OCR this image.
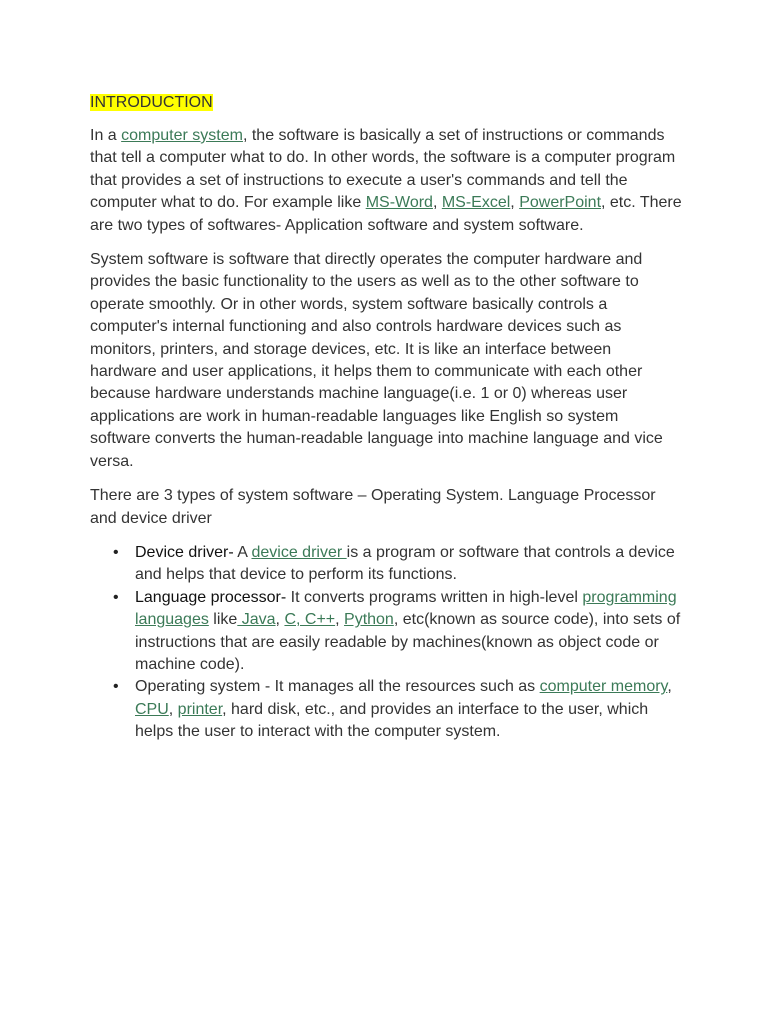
INTRODUCTION

In a computer system, the software is basically a set of instructions or commands that tell a computer what to do. In other words, the software is a computer program that provides a set of instructions to execute a user's commands and tell the computer what to do. For example like MS-Word, MS-Excel, PowerPoint, etc. There are two types of softwares- Application software and system software.

System software is software that directly operates the computer hardware and provides the basic functionality to the users as well as to the other software to operate smoothly. Or in other words, system software basically controls a computer's internal functioning and also controls hardware devices such as monitors, printers, and storage devices, etc. It is like an interface between hardware and user applications, it helps them to communicate with each other because hardware understands machine language(i.e. 1 or 0) whereas user applications are work in human-readable languages like English so system software converts the human-readable language into machine language and vice versa.

There are 3 types of system software – Operating System. Language Processor and device driver

• Device driver- A device driver is a program or software that controls a device and helps that device to perform its functions.
• Language processor- It converts programs written in high-level programming languages like Java, C, C++, Python, etc(known as source code), into sets of instructions that are easily readable by machines(known as object code or machine code).
• Operating system - It manages all the resources such as computer memory, CPU, printer, hard disk, etc., and provides an interface to the user, which helps the user to interact with the computer system.
